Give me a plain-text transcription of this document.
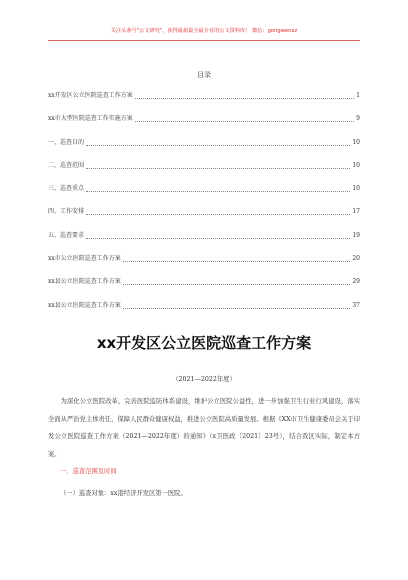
关注头条号"公文研究"，获得最新最全最专业的公文资料库！ 微信：gongwenxz
目录
xx开发区公立医院巡查工作方案	1
xx市大型医院巡查工作实施方案	9
一、巡查目的	10
二、巡查范围	10
三、巡查重点	10
四、工作安排	17
五、巡查要求	19
xx市公立医院巡查工作方案	20
xx县公立医院巡查工作方案	29
xx县公立医院巡查工作方案	37
xx开发区公立医院巡查工作方案
（2021—2022年度）

为深化公立医院改革，完善医院监防体系建设，维护公立医院公益性，进一步加强卫生行业行风建设，落实全面从严治党主体责任，保障人民群众健康权益，推进公立医院高质量发展。根据《XX市卫生健康委员会关于印发公立医院巡查工作方案（2021—2022年度）的通知》（x卫医政〔2021〕23号），结合我区实际，制定本方案。

一、巡查范围及时间
（一）巡查对象：xx港经济开发区第一医院。
